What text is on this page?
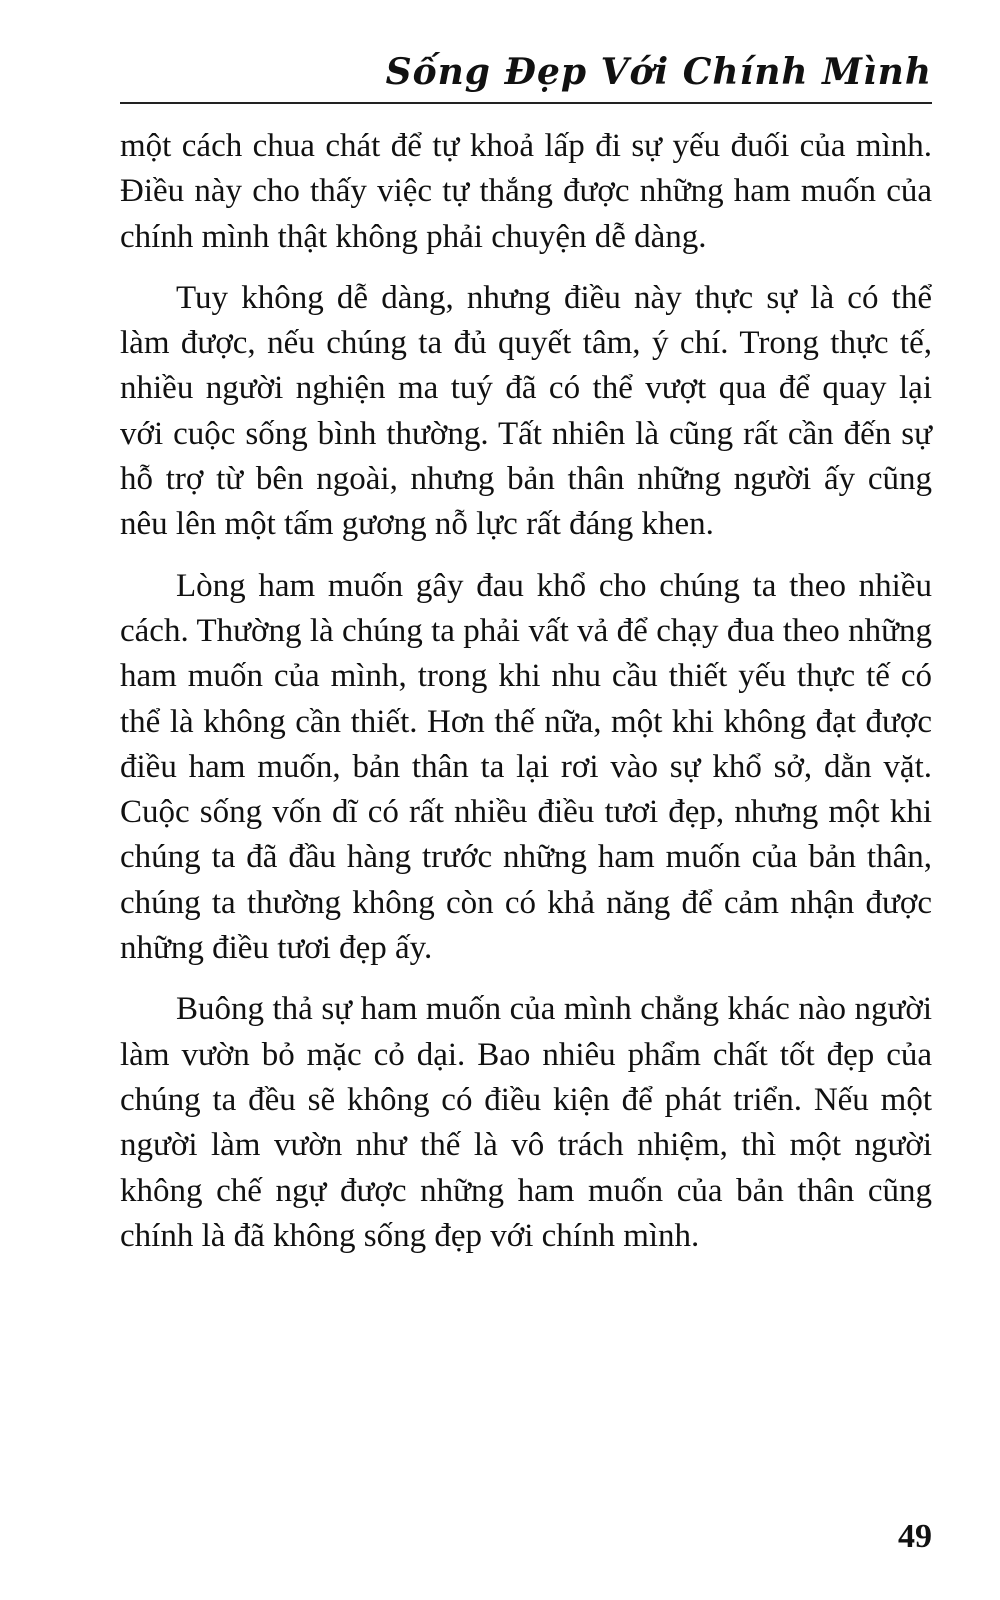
Sống Đẹp Với Chính Mình

một cách chua chát để tự khoả lấp đi sự yếu đuối của mình. Điều này cho thấy việc tự thắng được những ham muốn của chính mình thật không phải chuyện dễ dàng.

Tuy không dễ dàng, nhưng điều này thực sự là có thể làm được, nếu chúng ta đủ quyết tâm, ý chí. Trong thực tế, nhiều người nghiện ma tuý đã có thể vượt qua để quay lại với cuộc sống bình thường. Tất nhiên là cũng rất cần đến sự hỗ trợ từ bên ngoài, nhưng bản thân những người ấy cũng nêu lên một tấm gương nỗ lực rất đáng khen.

Lòng ham muốn gây đau khổ cho chúng ta theo nhiều cách. Thường là chúng ta phải vất vả để chạy đua theo những ham muốn của mình, trong khi nhu cầu thiết yếu thực tế có thể là không cần thiết. Hơn thế nữa, một khi không đạt được điều ham muốn, bản thân ta lại rơi vào sự khổ sở, dằn vặt. Cuộc sống vốn dĩ có rất nhiều điều tươi đẹp, nhưng một khi chúng ta đã đầu hàng trước những ham muốn của bản thân, chúng ta thường không còn có khả năng để cảm nhận được những điều tươi đẹp ấy.

Buông thả sự ham muốn của mình chẳng khác nào người làm vườn bỏ mặc cỏ dại. Bao nhiêu phẩm chất tốt đẹp của chúng ta đều sẽ không có điều kiện để phát triển. Nếu một người làm vườn như thế là vô trách nhiệm, thì một người không chế ngự được những ham muốn của bản thân cũng chính là đã không sống đẹp với chính mình.

49
